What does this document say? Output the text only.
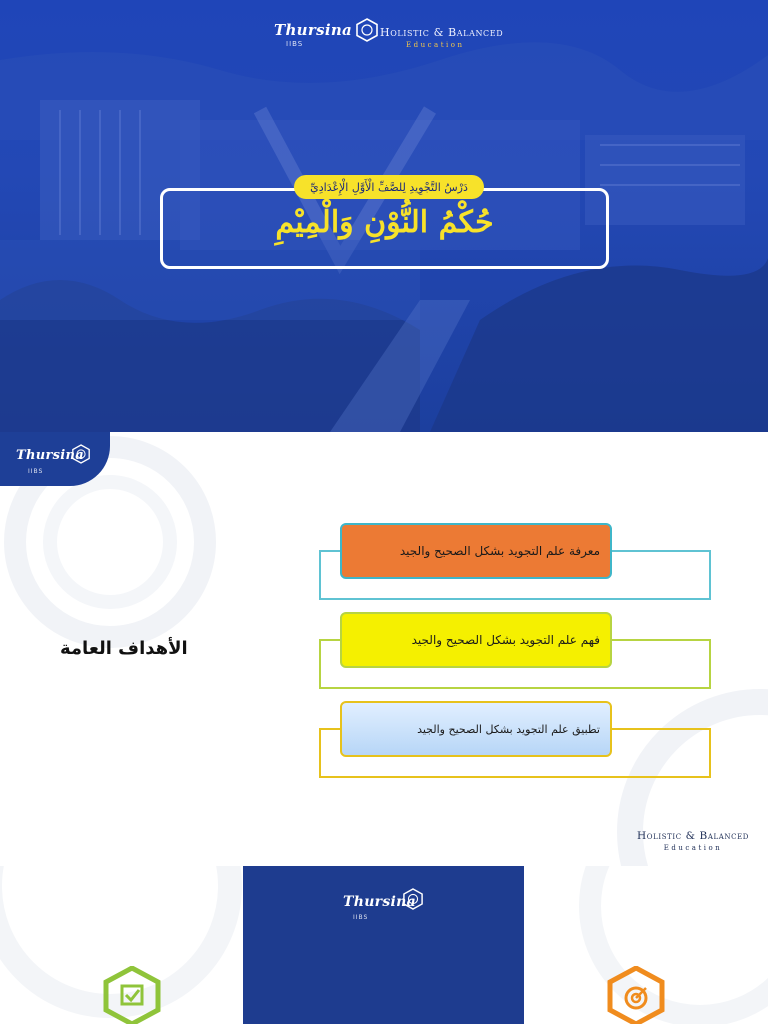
Thursina
IIBS
Holistic & Balanced
Education
دَرْسُ التَّجْوِيدِ لِلصَّفِّ الْأَوَّلِ الْإِعْدَادِيِّ
حُكْمُ النُّوْنِ وَالْمِيْمِ
Thursina
IIBS
الأهداف العامة
معرفة علم التجويد بشكل الصحيح والجيد
فهم علم التجويد بشكل الصحيح والجيد
تطبيق علم التجويد بشكل الصحيح والجيد
Holistic & Balanced
Education
Thursina
IIBS
